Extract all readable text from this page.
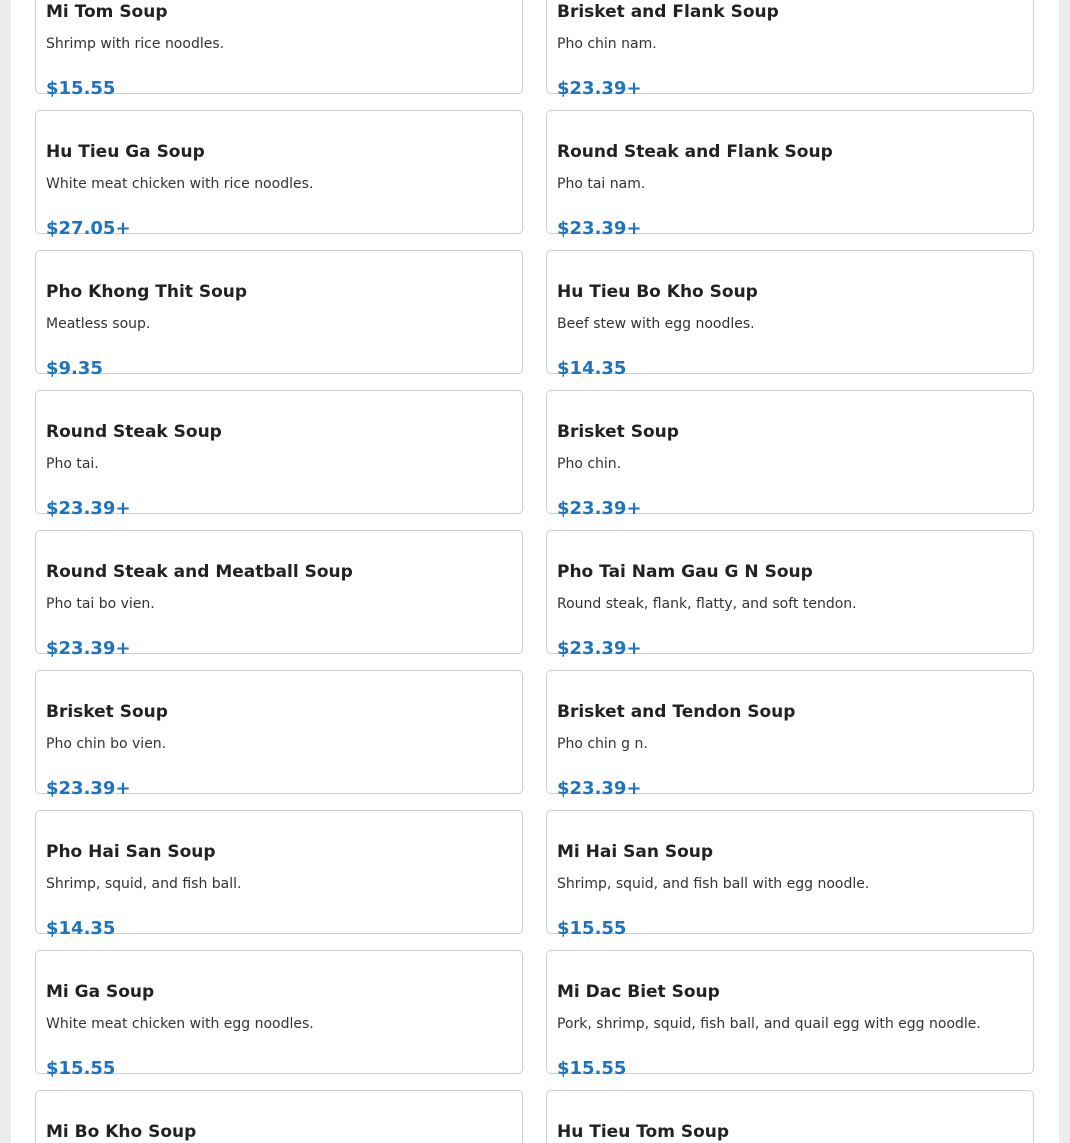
Mi Tom Soup
Shrimp with rice noodles.
$15.55
Brisket and Flank Soup
Pho chin nam.
$23.39+
Hu Tieu Ga Soup
White meat chicken with rice noodles.
$27.05+
Round Steak and Flank Soup
Pho tai nam.
$23.39+
Pho Khong Thit Soup
Meatless soup.
$9.35
Hu Tieu Bo Kho Soup
Beef stew with egg noodles.
$14.35
Round Steak Soup
Pho tai.
$23.39+
Brisket Soup
Pho chin.
$23.39+
Round Steak and Meatball Soup
Pho tai bo vien.
$23.39+
Pho Tai Nam Gau G N Soup
Round steak, flank, flatty, and soft tendon.
$23.39+
Brisket Soup
Pho chin bo vien.
$23.39+
Brisket and Tendon Soup
Pho chin g n.
$23.39+
Pho Hai San Soup
Shrimp, squid, and fish ball.
$14.35
Mi Hai San Soup
Shrimp, squid, and fish ball with egg noodle.
$15.55
Mi Ga Soup
White meat chicken with egg noodles.
$15.55
Mi Dac Biet Soup
Pork, shrimp, squid, fish ball, and quail egg with egg noodle.
$15.55
Mi Bo Kho Soup	Hu Tieu Tom Soup
